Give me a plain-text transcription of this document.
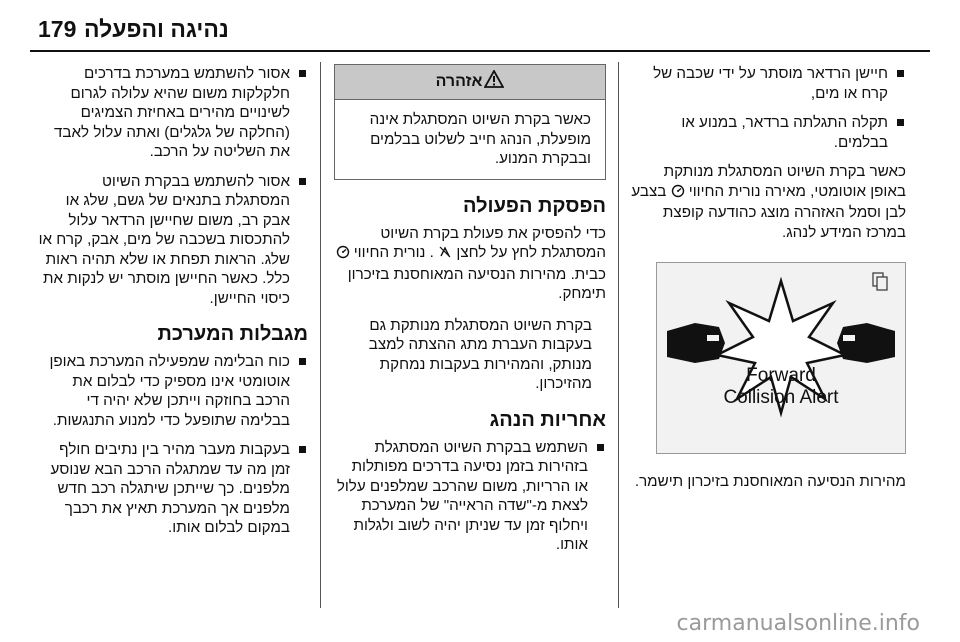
179 נהיגה והפעלה
חיישן הרדאר מוסתר על ידי שכבה של קרח או מים,
תקלה התגלתה ברדאר, במנוע או בבלמים.

כאשר בקרת השיוט המסתגלת מנותקת באופן אוטומטי, מאירה נורית החיווי  בצבע לבן וסמל האזהרה מוצג כהודעה קופצת במרכז המידע לנהג.

Forward
Collision Alert

מהירות הנסיעה המאוחסנת בזיכרון תישמר.

אזהרה
כאשר בקרת השיוט המסתגלת אינה מופעלת, הנהג חייב לשלוט בבלמים ובבקרת המנוע.
הפסקת הפעולה

כדי להפסיק את פעולת בקרת השיוט המסתגלת לחץ על לחצן  . נורית החיווי  כבית. מהירות הנסיעה המאוחסנת בזיכרון תימחק.

בקרת השיוט המסתגלת מנותקת גם בעקבות העברת מתג ההצתה למצב מנותק, והמהירות בעקבות נמחקת מהזיכרון.

אחריות הנהג
השתמש בבקרת השיוט המסתגלת בזהירות בזמן נסיעה בדרכים מפותלות או הרריות, משום שהרכב שמלפנים עלול לצאת מ-"שדה הראייה" של המערכת ויחלוף זמן עד שניתן יהיה לשוב ולגלות אותו.
אסור להשתמש במערכת בדרכים חלקלקות משום שהיא עלולה לגרום לשינויים מהירים באחיזת הצמיגים (החלקה של גלגלים) ואתה עלול לאבד את השליטה על הרכב.
אסור להשתמש בבקרת השיוט המסתגלת בתנאים של גשם, שלג או אבק רב, משום שחיישן הרדאר עלול להתכסות בשכבה של מים, אבק, קרח או שלג. הראות תפחת או שלא תהיה ראות כלל. כאשר החיישן מוסתר יש לנקות את כיסוי החיישן.
מגבלות המערכת
כוח הבלימה שמפעילה המערכת באופן אוטומטי אינו מספיק כדי לבלום את הרכב בחוזקה וייתכן שלא יהיה די בבלימה שתופעל כדי למנוע התנגשות.
בעקבות מעבר מהיר בין נתיבים חולף זמן מה עד שמתגלה הרכב הבא שנוסע מלפנים. כך שייתכן שיתגלה רכב חדש מלפנים אך המערכת תאיץ את רכבך במקום לבלום אותו.
carmanualsonline.info
